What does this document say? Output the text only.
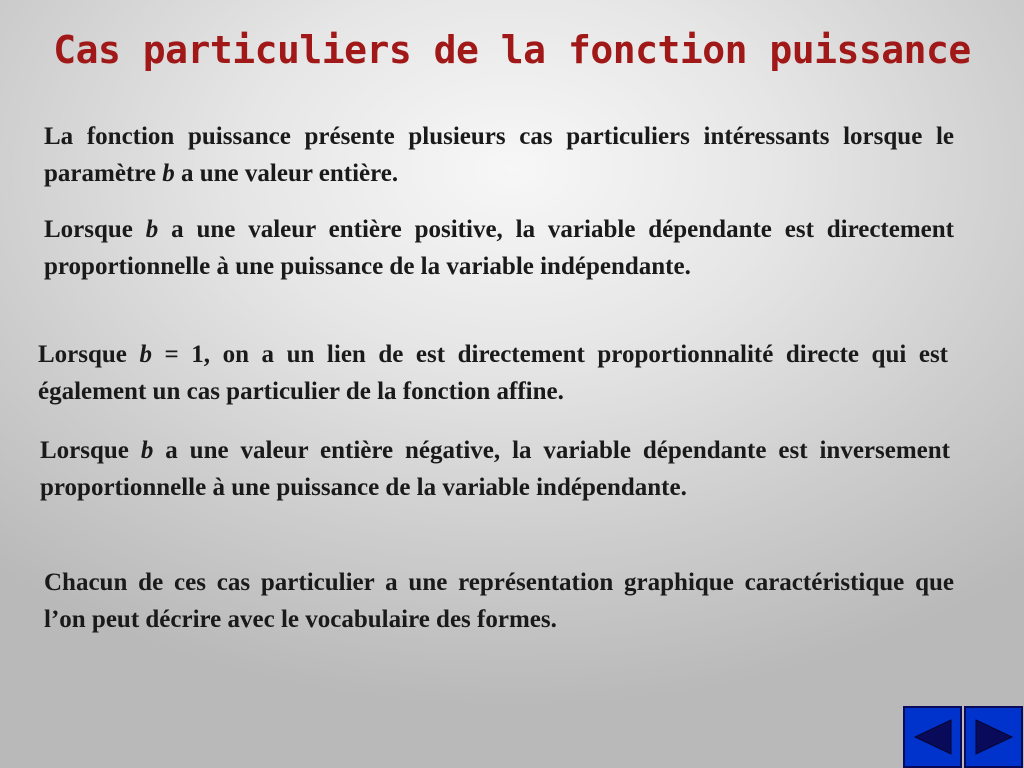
Cas particuliers de la fonction puissance

La fonction puissance présente plusieurs cas particuliers intéressants lorsque le paramètre b a une valeur entière.

Lorsque b a une valeur entière positive, la variable dépendante est directement proportionnelle à une puissance de la variable indépendante.

Lorsque b = 1, on a un lien de est directement proportionnalité directe qui est également un cas particulier de la fonction affine.

Lorsque b a une valeur entière négative, la variable dépendante est inversement proportionnelle à une puissance de la variable indépendante.

Chacun de ces cas particulier a une représentation graphique caractéristique que l’on peut décrire avec le vocabulaire des formes.
